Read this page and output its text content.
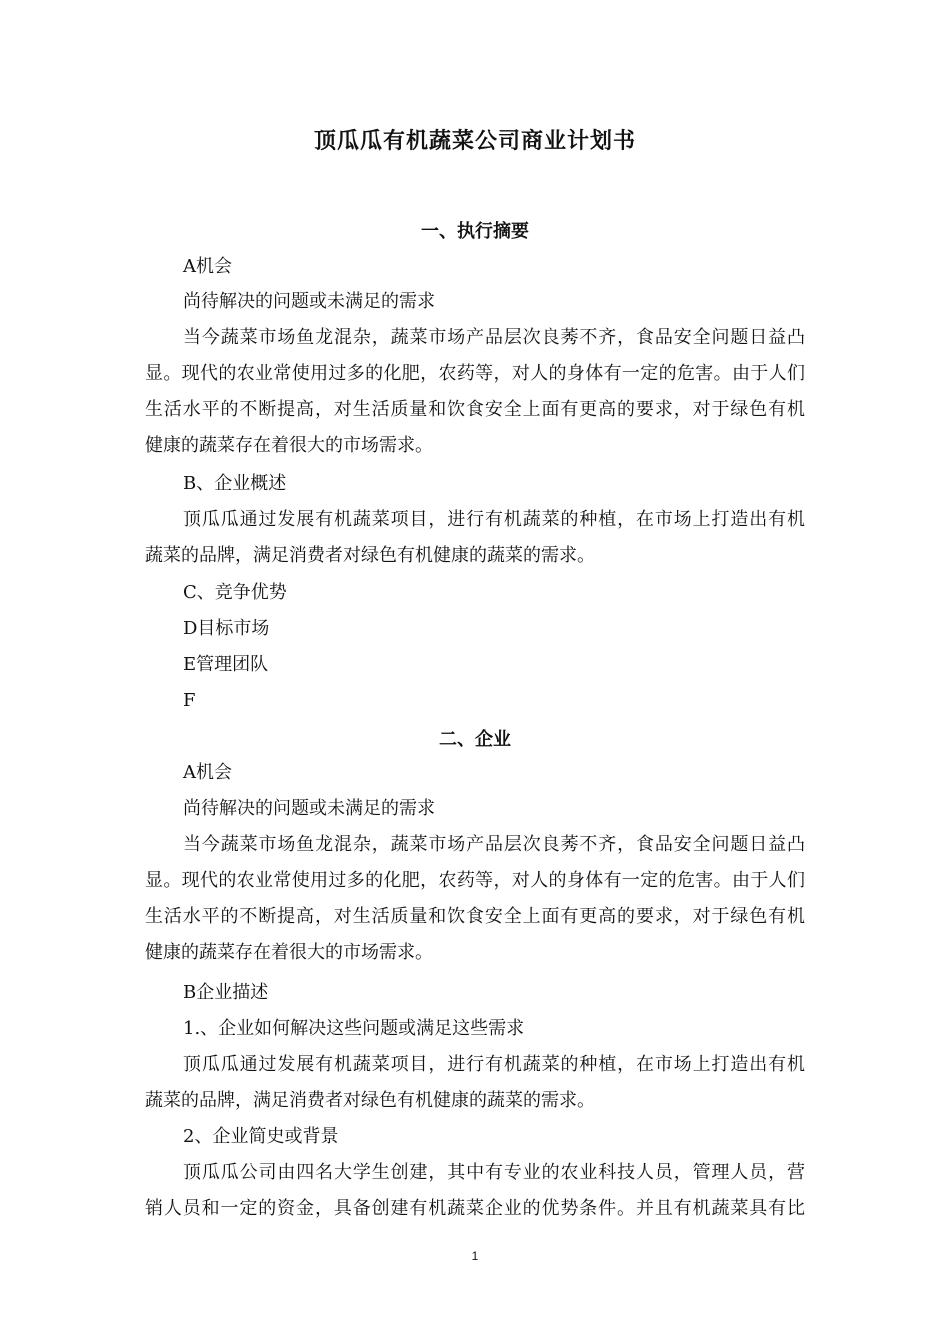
顶瓜瓜有机蔬菜公司商业计划书
一、执行摘要
A机会
尚待解决的问题或未满足的需求
当今蔬菜市场鱼龙混杂，蔬菜市场产品层次良莠不齐，食品安全问题日益凸
显。现代的农业常使用过多的化肥，农药等，对人的身体有一定的危害。由于人们
生活水平的不断提高，对生活质量和饮食安全上面有更高的要求，对于绿色有机
健康的蔬菜存在着很大的市场需求。
B、企业概述
顶瓜瓜通过发展有机蔬菜项目，进行有机蔬菜的种植，在市场上打造出有机
蔬菜的品牌，满足消费者对绿色有机健康的蔬菜的需求。
C、竞争优势
D目标市场
E管理团队
F
二、企业
A机会
尚待解决的问题或未满足的需求
当今蔬菜市场鱼龙混杂，蔬菜市场产品层次良莠不齐，食品安全问题日益凸
显。现代的农业常使用过多的化肥，农药等，对人的身体有一定的危害。由于人们
生活水平的不断提高，对生活质量和饮食安全上面有更高的要求，对于绿色有机
健康的蔬菜存在着很大的市场需求。
B企业描述
1.、企业如何解决这些问题或满足这些需求
顶瓜瓜通过发展有机蔬菜项目，进行有机蔬菜的种植，在市场上打造出有机
蔬菜的品牌，满足消费者对绿色有机健康的蔬菜的需求。
2、企业简史或背景
顶瓜瓜公司由四名大学生创建，其中有专业的农业科技人员，管理人员，营
销人员和一定的资金，具备创建有机蔬菜企业的优势条件。并且有机蔬菜具有比
1
